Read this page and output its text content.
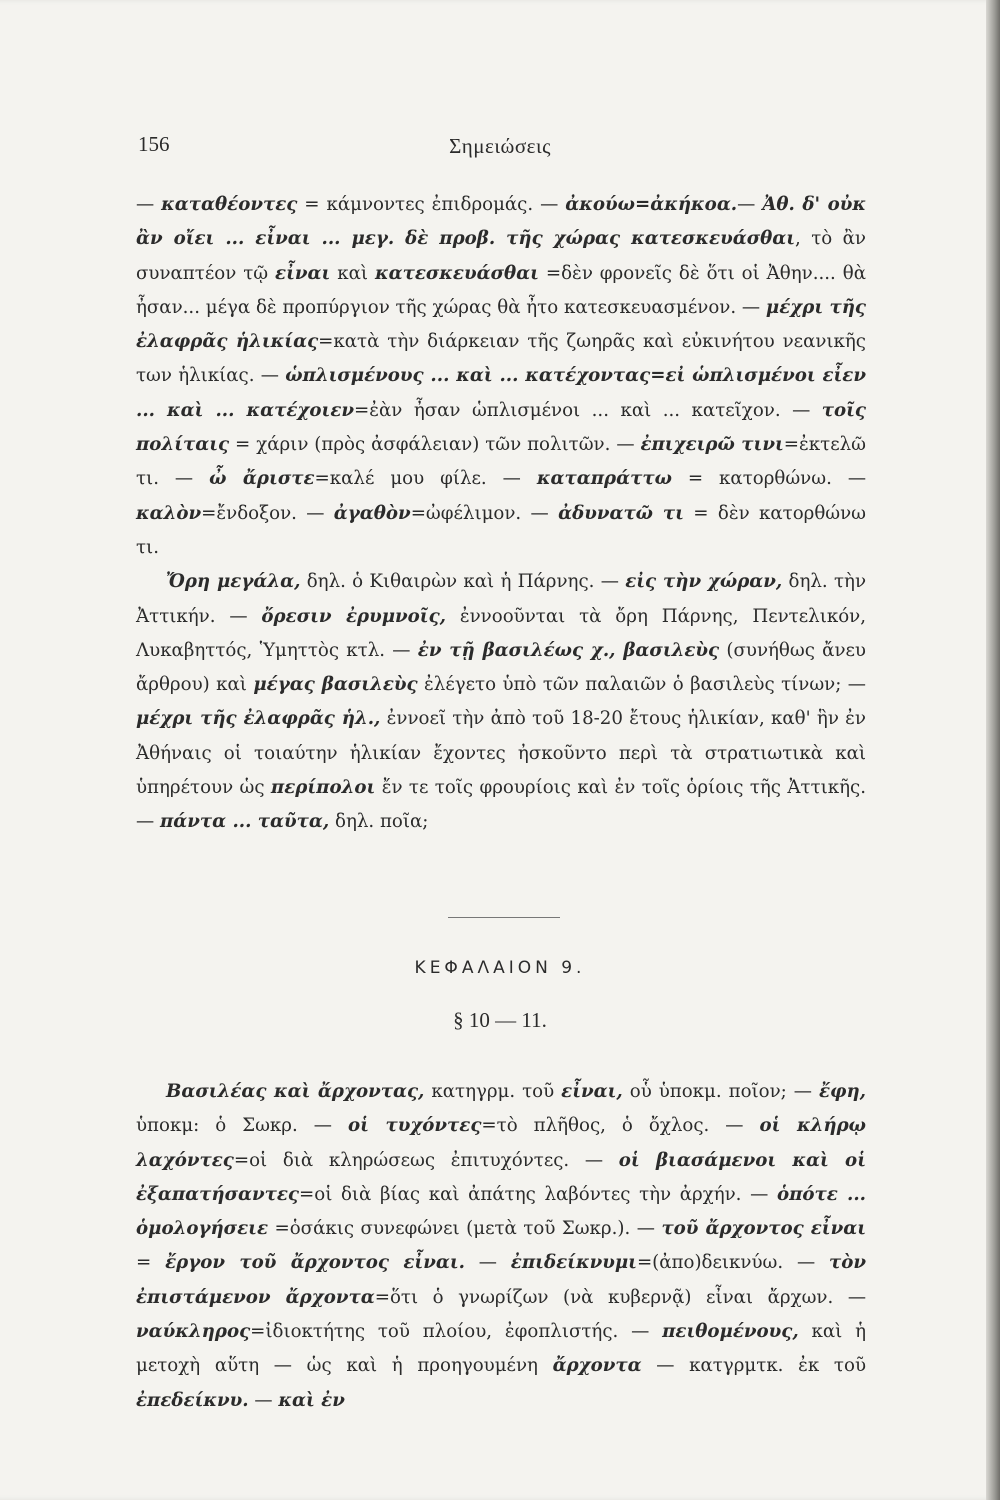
156	Σημειώσεις

— καταθέοντες = κάμνοντες ἐπιδρομάς. — ἀκούω=ἀκήκοα.— Ἀθ. δ' οὐκ ἂν οἴει ... εἶναι ... μεγ. δὲ προβ. τῆς χώρας κατεσκευάσθαι, τὸ ἂν συναπτέον τῷ εἶναι καὶ κατεσκευάσθαι =δὲν φρονεῖς δὲ ὅτι οἱ Ἀθην.... θὰ ἦσαν... μέγα δὲ προπύργιον τῆς χώρας θὰ ἦτο κατεσκευασμένον. — μέχρι τῆς ἐλαφρᾶς ἡλικίας=κατὰ τὴν διάρκειαν τῆς ζωηρᾶς καὶ εὐκινήτου νεανικῆς των ἡλικίας. — ὡπλισμένους ... καὶ ... κατέχοντας=εἰ ὡπλισμένοι εἶεν ... καὶ ... κατέχοιεν=ἐὰν ἦσαν ὡπλισμένοι ... καὶ ... κατεῖχον. — τοῖς πολίταις = χάριν (πρὸς ἀσφάλειαν) τῶν πολιτῶν. — ἐπιχειρῶ τινι=ἐκτελῶ τι. — ὦ ἄριστε=καλέ μου φίλε. — καταπράττω = κατορθώνω. — καλὸν=ἔνδοξον. — ἀγαθὸν=ὠφέλιμον. — ἀδυνατῶ τι = δὲν κατορθώνω τι.

Ὄρη μεγάλα, δηλ. ὁ Κιθαιρὼν καὶ ἡ Πάρνης. — εἰς τὴν χώραν, δηλ. τὴν Ἀττικήν. — ὄρεσιν ἐρυμνοῖς, ἐννοοῦνται τὰ ὄρη Πάρνης, Πεντελικόν, Λυκαβηττός, Ὑμηττὸς κτλ. — ἐν τῇ βασιλέως χ., βασιλεὺς (συνήθως ἄνευ ἄρθρου) καὶ μέγας βασιλεὺς ἐλέγετο ὑπὸ τῶν παλαιῶν ὁ βασιλεὺς τίνων; — μέχρι τῆς ἐλαφρᾶς ἡλ., ἐννοεῖ τὴν ἀπὸ τοῦ 18-20 ἔτους ἡλικίαν, καθ' ἣν ἐν Ἀθήναις οἱ τοιαύτην ἡλικίαν ἔχοντες ἠσκοῦντο περὶ τὰ στρατιωτικὰ καὶ ὑπηρέτουν ὡς περίπολοι ἔν τε τοῖς φρουρίοις καὶ ἐν τοῖς ὁρίοις τῆς Ἀττικῆς. — πάντα ... ταῦτα, δηλ. ποῖα;

ΚΕΦΑΛΑΙΟΝ 9.
§ 10 — 11.

Βασιλέας καὶ ἄρχοντας, κατηγρμ. τοῦ εἶναι, οὗ ὑποκμ. ποῖον; — ἔφη, ὑποκμ: ὁ Σωκρ. — οἱ τυχόντες=τὸ πλῆθος, ὁ ὄχλος. — οἱ κλήρῳ λαχόντες=οἱ διὰ κληρώσεως ἐπιτυχόντες. — οἱ βιασάμενοι καὶ οἱ ἐξαπατήσαντες=οἱ διὰ βίας καὶ ἀπάτης λαβόντες τὴν ἀρχήν. — ὁπότε ... ὁμολογήσειε =ὁσάκις συνεφώνει (μετὰ τοῦ Σωκρ.). — τοῦ ἄρχοντος εἶναι = ἔργον τοῦ ἄρχοντος εἶναι. — ἐπιδείκνυμι=(ἀπο)δεικνύω. — τὸν ἐπιστάμενον ἄρχοντα=ὅτι ὁ γνωρίζων (νὰ κυβερνᾷ) εἶναι ἄρχων. — ναύκληρος=ἰδιοκτήτης τοῦ πλοίου, ἐφοπλιστής. — πειθομένους, καὶ ἡ μετοχὴ αὕτη — ὡς καὶ ἡ προηγουμένη ἄρχοντα — κατγρμτκ. ἐκ τοῦ ἐπεδείκνυ. — καὶ ἐν
